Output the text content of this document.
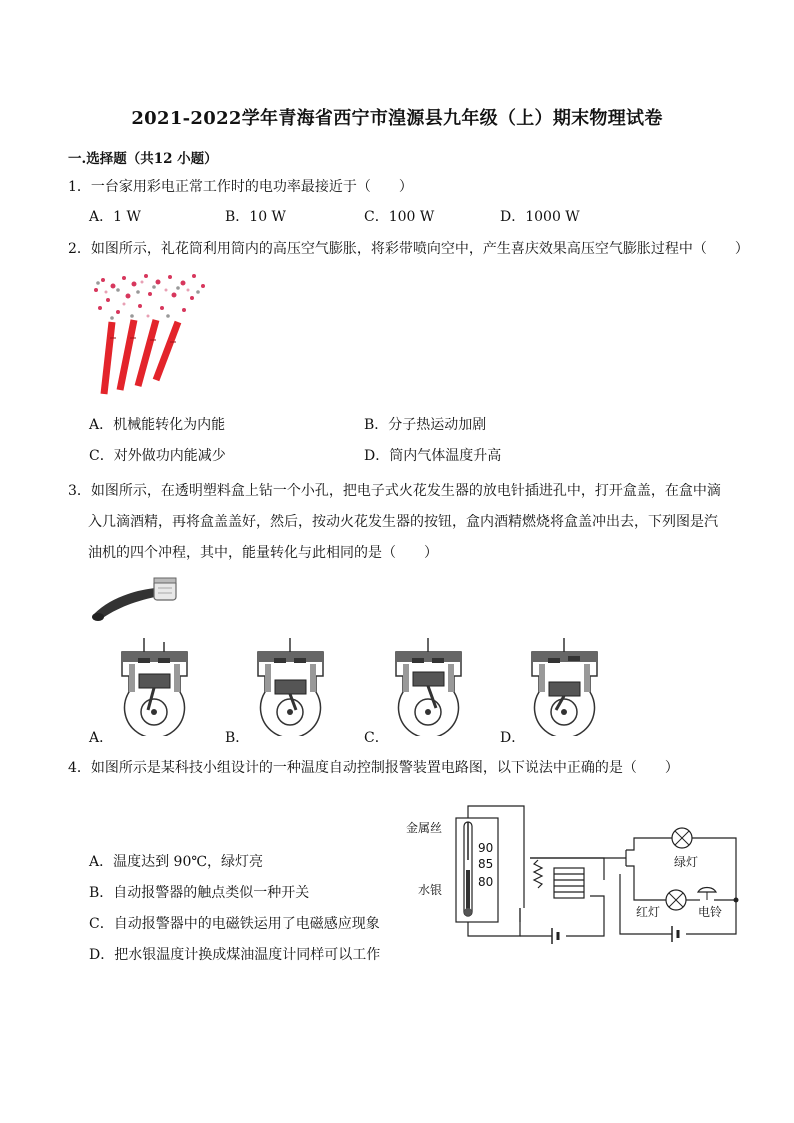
2021-2022学年青海省西宁市湟源县九年级（上）期末物理试卷
一.选择题（共12 小题）
1．一台家用彩电正常工作时的电功率最接近于（　　）
A．1 W	B．10 W	C．100 W	D．1000 W
2．如图所示，礼花筒利用筒内的高压空气膨胀，将彩带喷向空中，产生喜庆效果高压空气膨胀过程中（　　）
A．机械能转化为内能	B．分子热运动加剧
C．对外做功内能减少	D．筒内气体温度升高
3．如图所示，在透明塑料盒上钻一个小孔，把电子式火花发生器的放电针插进孔中，打开盒盖，在盒中滴
入几滴酒精，再将盒盖盖好，然后，按动火花发生器的按钮，盒内酒精燃烧将盒盖冲出去，下列图是汽
油机的四个冲程，其中，能量转化与此相同的是（　　）
A．	B．	C．	D．
4．如图所示是某科技小组设计的一种温度自动控制报警装置电路图，以下说法中正确的是（　　）
A．温度达到 90℃，绿灯亮
B．自动报警器的触点类似一种开关
C．自动报警器中的电磁铁运用了电磁感应现象
D．把水银温度计换成煤油温度计同样可以工作
金属丝
水银
90
85
80
绿灯
红灯	电铃
